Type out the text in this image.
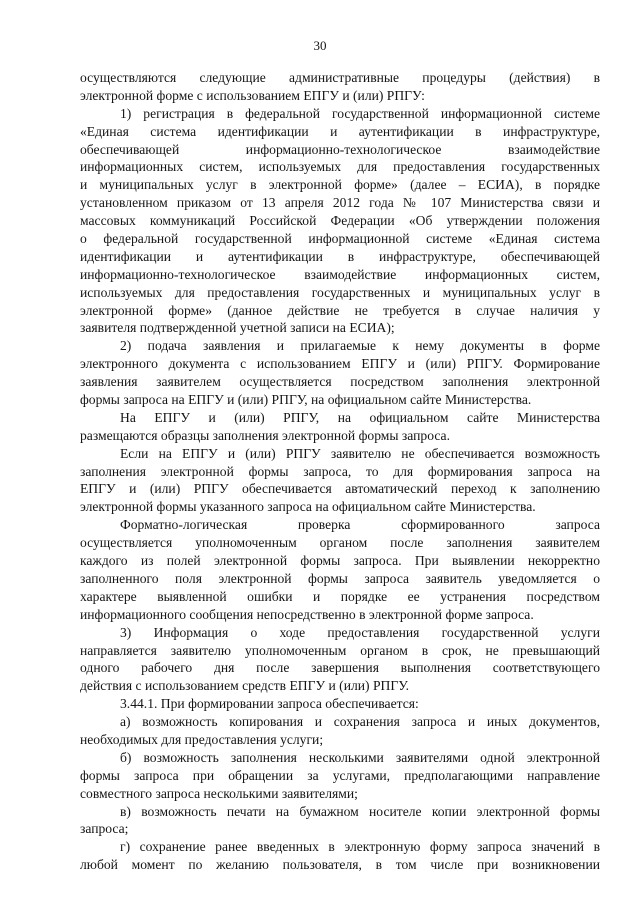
30
осуществляются следующие административные процедуры (действия) в
электронной форме с использованием ЕПГУ и (или) РПГУ:
1) регистрация в федеральной государственной информационной системе
«Единая система идентификации и аутентификации в инфраструктуре,
обеспечивающей информационно-технологическое взаимодействие
информационных систем, используемых для предоставления государственных
и муниципальных услуг в электронной форме» (далее – ЕСИА), в порядке
установленном приказом от 13 апреля 2012 года № 107 Министерства связи и
массовых коммуникаций Российской Федерации «Об утверждении положения
о федеральной государственной информационной системе «Единая система
идентификации и аутентификации в инфраструктуре, обеспечивающей
информационно-технологическое взаимодействие информационных систем,
используемых для предоставления государственных и муниципальных услуг в
электронной форме» (данное действие не требуется в случае наличия у
заявителя подтвержденной учетной записи на ЕСИА);
2) подача заявления и прилагаемые к нему документы в форме
электронного документа с использованием ЕПГУ и (или) РПГУ. Формирование
заявления заявителем осуществляется посредством заполнения электронной
формы запроса на ЕПГУ и (или) РПГУ, на официальном сайте Министерства.
На ЕПГУ и (или) РПГУ, на официальном сайте Министерства
размещаются образцы заполнения электронной формы запроса.
Если на ЕПГУ и (или) РПГУ заявителю не обеспечивается возможность
заполнения электронной формы запроса, то для формирования запроса на
ЕПГУ и (или) РПГУ обеспечивается автоматический переход к заполнению
электронной формы указанного запроса на официальном сайте Министерства.
Форматно-логическая проверка сформированного запроса
осуществляется уполномоченным органом после заполнения заявителем
каждого из полей электронной формы запроса. При выявлении некорректно
заполненного поля электронной формы запроса заявитель уведомляется о
характере выявленной ошибки и порядке ее устранения посредством
информационного сообщения непосредственно в электронной форме запроса.
3) Информация о ходе предоставления государственной услуги
направляется заявителю уполномоченным органом в срок, не превышающий
одного рабочего дня после завершения выполнения соответствующего
действия с использованием средств ЕПГУ и (или) РПГУ.
3.44.1. При формировании запроса обеспечивается:
а) возможность копирования и сохранения запроса и иных документов,
необходимых для предоставления услуги;
б) возможность заполнения несколькими заявителями одной электронной
формы запроса при обращении за услугами, предполагающими направление
совместного запроса несколькими заявителями;
в) возможность печати на бумажном носителе копии электронной формы
запроса;
г) сохранение ранее введенных в электронную форму запроса значений в
любой момент по желанию пользователя, в том числе при возникновении
